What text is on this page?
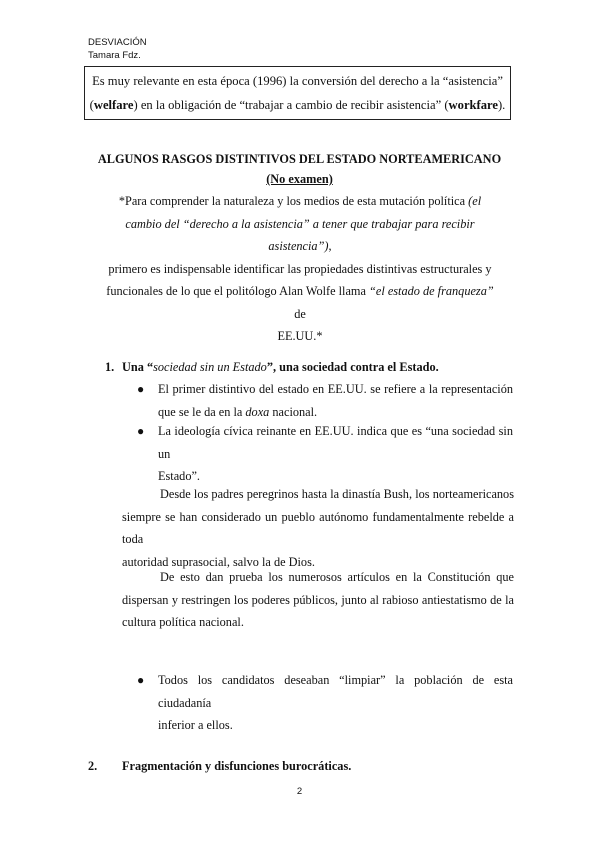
DESVIACIÓN
Tamara Fdz.
Es muy relevante en esta época (1996) la conversión del derecho a la “asistencia”
(welfare) en la obligación de “trabajar a cambio de recibir asistencia” (workfare).
ALGUNOS RASGOS DISTINTIVOS DEL ESTADO NORTEAMERICANO
(No examen)
*Para comprender la naturaleza y los medios de esta mutación política (el
cambio del “derecho a la asistencia” a tener que trabajar para recibir asistencia”),
primero es indispensable identificar las propiedades distintivas estructurales y
funcionales de lo que el politólogo Alan Wolfe llama “el estado de franqueza” de
EE.UU.*
1. Una “sociedad sin un Estado”, una sociedad contra el Estado.
● El primer distintivo del estado en EE.UU. se refiere a la representación
que se le da en la doxa nacional.
● La ideología cívica reinante en EE.UU. indica que es “una sociedad sin un
Estado”.
Desde los padres peregrinos hasta la dinastía Bush, los norteamericanos
siempre se han considerado un pueblo autónomo fundamentalmente rebelde a toda
autoridad suprasocial, salvo la de Dios.
De esto dan prueba los numerosos artículos en la Constitución que
dispersan y restringen los poderes públicos, junto al rabioso antiestatismo de la
cultura política nacional.
● Todos los candidatos deseaban “limpiar” la población de esta ciudadanía
inferior a ellos.
2. Fragmentación y disfunciones burocráticas.
2
